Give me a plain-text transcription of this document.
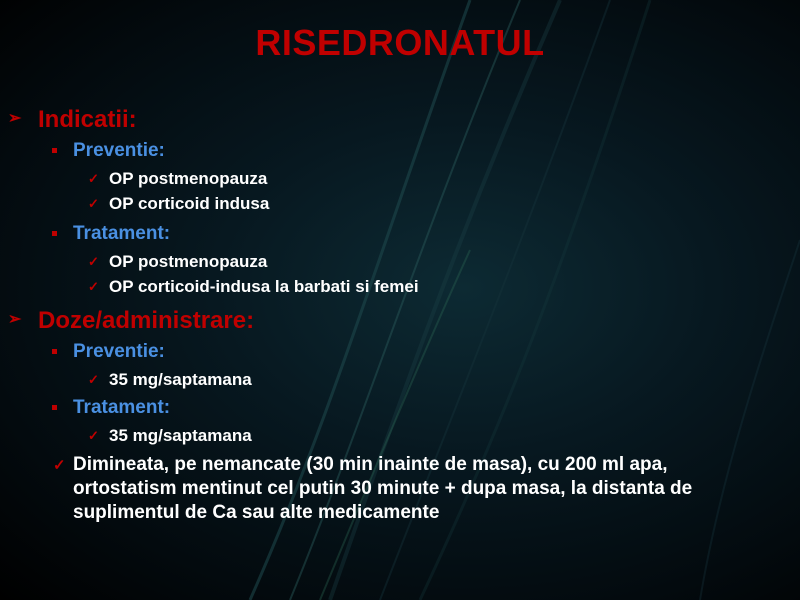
RISEDRONATUL
➢ Indicatii:
Preventie:
✓ OP postmenopauza
✓ OP corticoid indusa
Tratament:
✓ OP postmenopauza
✓ OP corticoid-indusa la barbati si femei
➢ Doze/administrare:
Preventie:
✓ 35 mg/saptamana
Tratament:
✓ 35 mg/saptamana
✓ Dimineata, pe nemancate (30 min inainte de masa), cu 200 ml apa, ortostatism mentinut cel putin 30 minute + dupa masa, la distanta de suplimentul de Ca sau alte medicamente
